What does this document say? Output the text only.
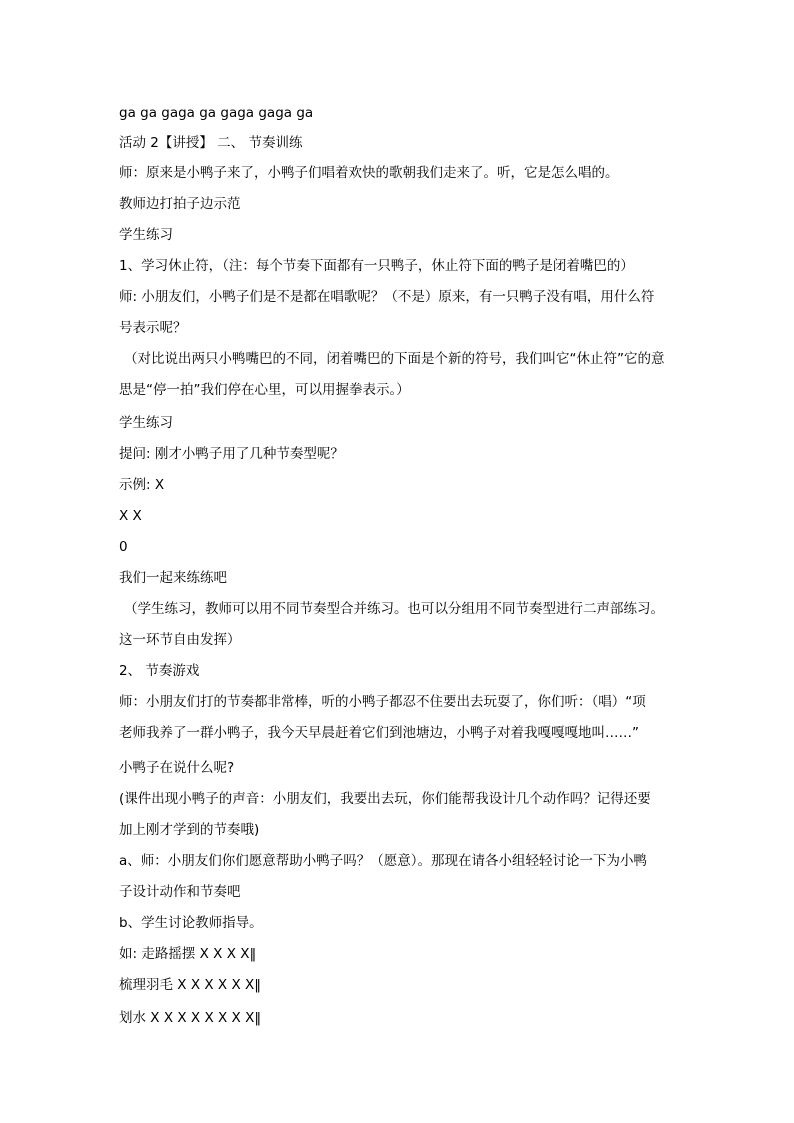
ga ga gaga ga gaga gaga ga
活动 2【讲授】 二、 节奏训练
师：原来是小鸭子来了，小鸭子们唱着欢快的歌朝我们走来了。听，它是怎么唱的。
教师边打拍子边示范
学生练习
1、学习休止符，（注：每个节奏下面都有一只鸭子，休止符下面的鸭子是闭着嘴巴的）
师: 小朋友们，小鸭子们是不是都在唱歌呢？（不是）原来，有一只鸭子没有唱，用什么符
号表示呢？
（对比说出两只小鸭嘴巴的不同，闭着嘴巴的下面是个新的符号，我们叫它“休止符”它的意
思是“停一拍”我们停在心里，可以用握拳表示。）
学生练习
提问: 刚才小鸭子用了几种节奏型呢？
示例: X
X X
0
我们一起来练练吧
（学生练习，教师可以用不同节奏型合并练习。也可以分组用不同节奏型进行二声部练习。
这一环节自由发挥）
2、 节奏游戏
师：小朋友们打的节奏都非常棒，听的小鸭子都忍不住要出去玩耍了，你们听：（唱）“项
老师我养了一群小鸭子，我今天早晨赶着它们到池塘边，小鸭子对着我嘎嘎嘎地叫……”
小鸭子在说什么呢?
(课件出现小鸭子的声音：小朋友们，我要出去玩，你们能帮我设计几个动作吗？记得还要
加上刚才学到的节奏哦)
a、师：小朋友们你们愿意帮助小鸭子吗？（愿意）。那现在请各小组轻轻讨论一下为小鸭
子设计动作和节奏吧
b、学生讨论教师指导。
如: 走路摇摆 X X X X‖
梳理羽毛 X X X X X X‖
划水 X X X X X X X X‖
